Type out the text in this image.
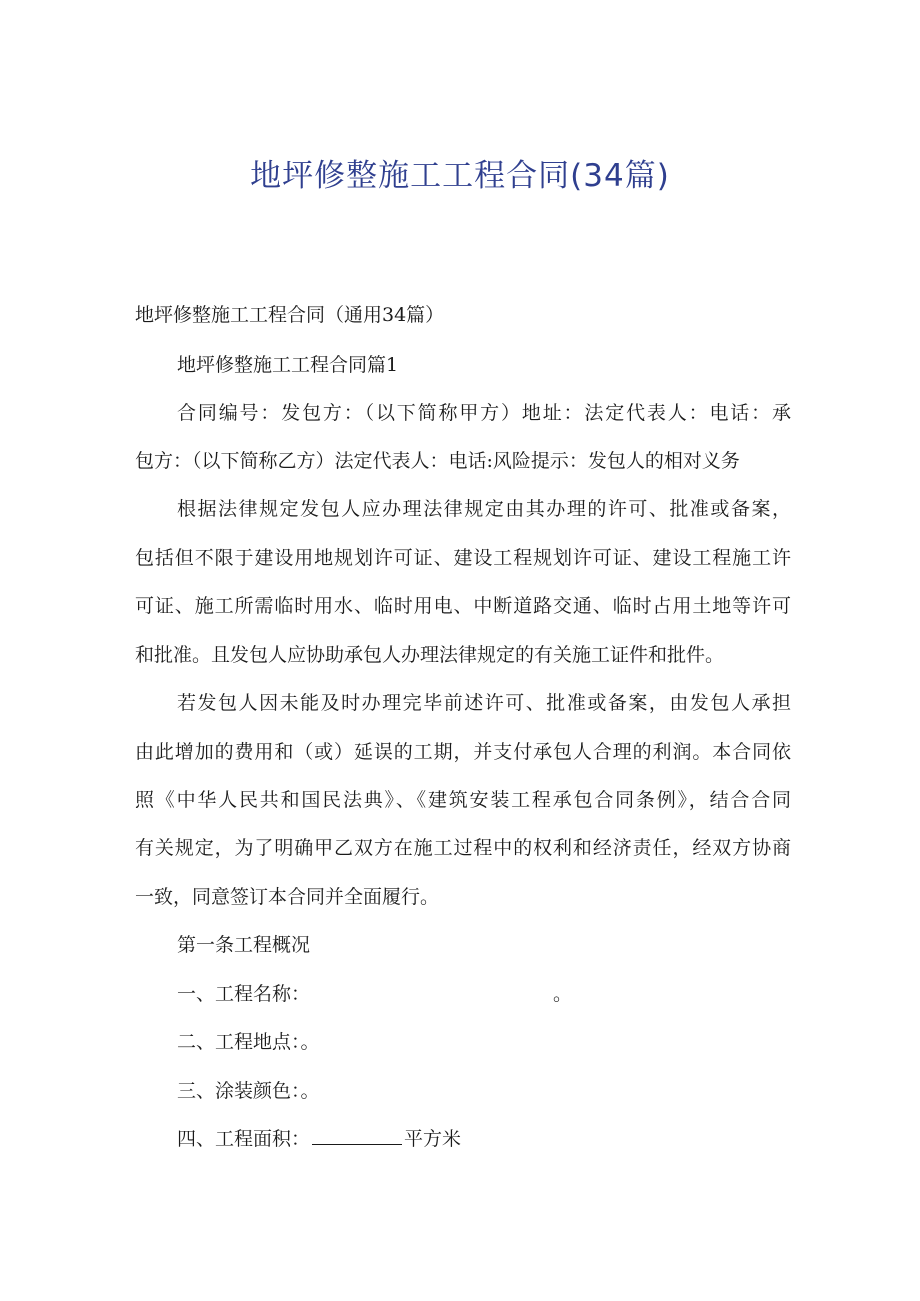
地坪修整施工工程合同(34篇)
地坪修整施工工程合同（通用34篇）
地坪修整施工工程合同篇1
合同编号：发包方：（以下简称甲方）地址：法定代表人：电话：承
包方：（以下简称乙方）法定代表人：电话:风险提示：发包人的相对义务
根据法律规定发包人应办理法律规定由其办理的许可、批准或备案，
包括但不限于建设用地规划许可证、建设工程规划许可证、建设工程施工许
可证、施工所需临时用水、临时用电、中断道路交通、临时占用土地等许可
和批准。且发包人应协助承包人办理法律规定的有关施工证件和批件。
若发包人因未能及时办理完毕前述许可、批准或备案，由发包人承担
由此增加的费用和（或）延误的工期，并支付承包人合理的利润。本合同依
照《中华人民共和国民法典》、《建筑安装工程承包合同条例》，结合合同
有关规定，为了明确甲乙双方在施工过程中的权利和经济责任，经双方协商
一致，同意签订本合同并全面履行。
第一条工程概况
一、工程名称：	。
二、工程地点：。
三、涂装颜色：。
四、工程面积：	平方米
